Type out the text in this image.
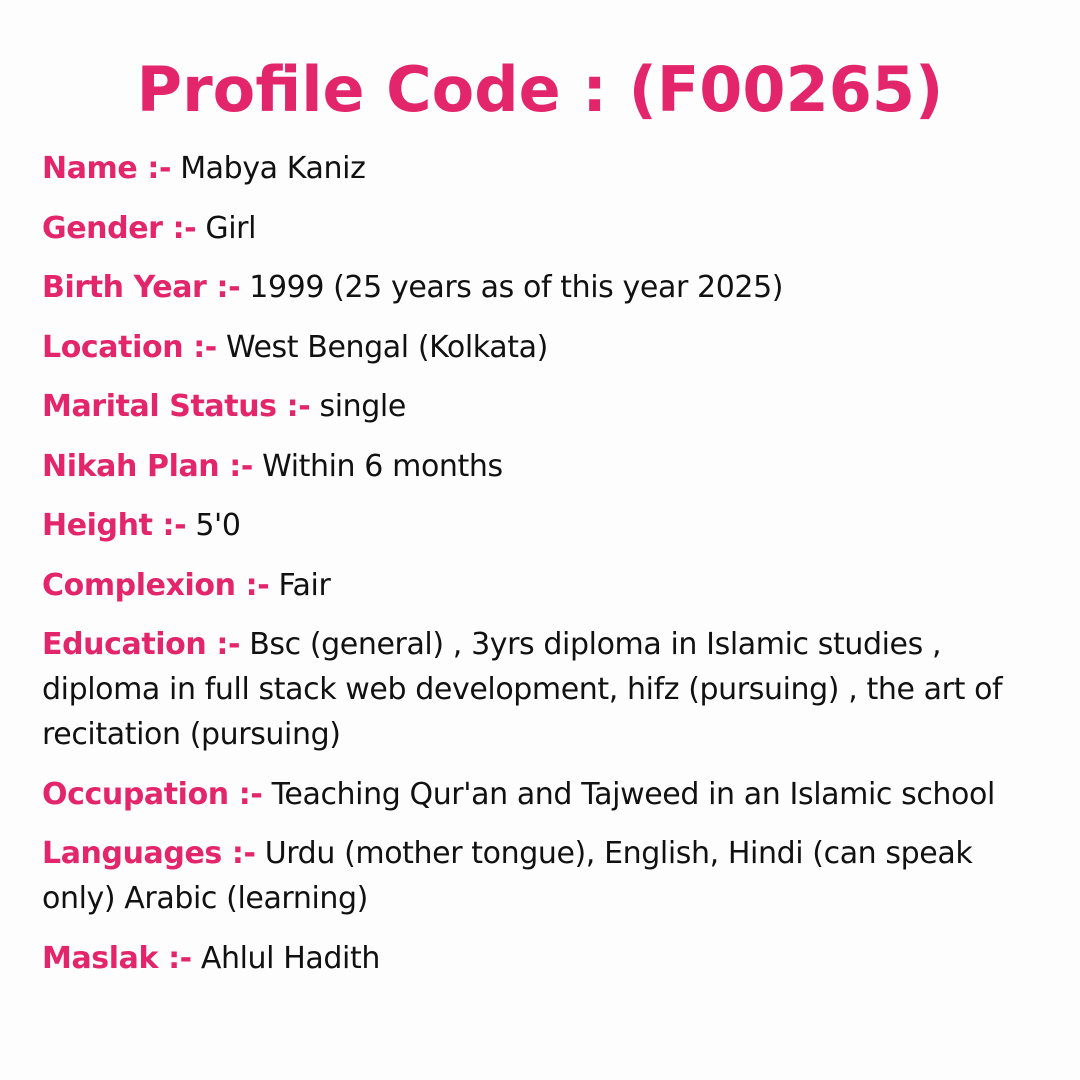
Profile Code : (F00265)

Name :- Mabya Kaniz

Gender :- Girl

Birth Year :- 1999 (25 years as of this year 2025)

Location :- West Bengal (Kolkata)

Marital Status :- single

Nikah Plan :- Within 6 months

Height :- 5'0

Complexion :- Fair

Education :- Bsc (general) , 3yrs diploma in Islamic studies , diploma in full stack web development, hifz (pursuing) , the art of recitation (pursuing)

Occupation :- Teaching Qur'an and Tajweed in an Islamic school

Languages :- Urdu (mother tongue), English, Hindi (can speak only) Arabic (learning)

Maslak :- Ahlul Hadith
